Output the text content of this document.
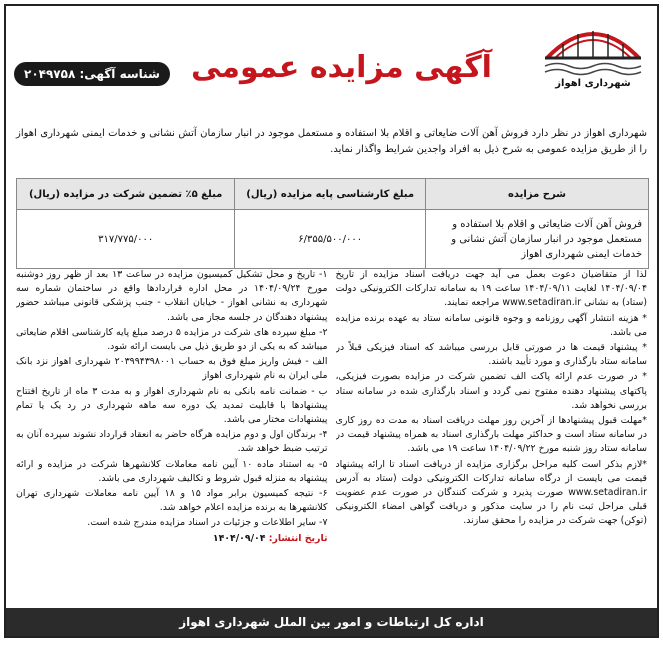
شهرداری اهواز
آگهی مزایده عمومی
شناسه آگهی: ۲۰۴۹۷۵۸
شهرداری اهواز در نظر دارد فروش آهن آلات ضایعاتی و اقلام بلا استفاده و مستعمل موجود در انبار سازمان آتش نشانی و خدمات ایمنی شهرداری اهواز را از طریق مزایده عمومی به شرح ذیل به افراد واجدین شرایط واگذار نماید.
شرح مزایده	مبلغ کارشناسی پایه مزایده (ریال)	مبلغ ۵٪ تضمین شرکت در مزایده (ریال)
فروش آهن آلات ضایعاتی و اقلام بلا استفاده و مستعمل موجود در انبار سازمان آتش نشانی و خدمات ایمنی شهرداری اهواز	۶/۳۵۵/۵۰۰/۰۰۰	۳۱۷/۷۷۵/۰۰۰

لذا از متقاضیان دعوت بعمل می آید جهت دریافت اسناد مزایده از تاریخ ۱۴۰۴/۰۹/۰۴ لغایت ۱۴۰۴/۰۹/۱۱ ساعت ۱۹ به سامانه تدارکات الکترونیکی دولت (ستاد) به نشانی www.setadiran.ir مراجعه نمایند.

* هزینه انتشار آگهی روزنامه و وجوه قانونی سامانه ستاد به عهده برنده مزایده می باشد.

* پیشنهاد قیمت ها در صورتی قابل بررسی میباشد که اسناد فیزیکی قبلاً در سامانه ستاد بارگذاری و مورد تأیید باشند.

* در صورت عدم ارائه پاکت الف تضمین شرکت در مزایده بصورت فیزیکی، پاکتهای پیشنهاد دهنده مفتوح نمی گردد و اسناد بارگذاری شده در سامانه ستاد بررسی نخواهد شد.

*مهلت قبول پیشنهادها از آخرین روز مهلت دریافت اسناد به مدت ده روز کاری در سامانه ستاد است و حداکثر مهلت بارگذاری اسناد به همراه پیشنهاد قیمت در سامانه ستاد روز شنبه مورخ ۱۴۰۴/۰۹/۲۲ ساعت ۱۹ می باشد.

*لازم بذکر است کلیه مراحل برگزاری مزایده از دریافت اسناد تا ارائه پیشنهاد قیمت می بایست از درگاه سامانه تدارکات الکترونیکی دولت (ستاد به آدرس www.setadiran.ir صورت پذیرد و شرکت کنندگان در صورت عدم عضویت قبلی مراحل ثبت نام را در سایت مذکور و دریافت گواهی امضاء الکترونیکی (توکن) جهت شرکت در مزایده را محقق سازند.

۱- تاریخ و محل تشکیل کمیسیون مزایده در ساعت ۱۳ بعد از ظهر روز دوشنبه مورخ ۱۴۰۴/۰۹/۲۴ در محل اداره قراردادها واقع در ساختمان شماره سه شهرداری به نشانی اهواز - خیابان انقلاب - جنب پزشکی قانونی میباشد حضور پیشنهاد دهندگان در جلسه مجاز می باشد.

۲- مبلغ سپرده های شرکت در مزایده ۵ درصد مبلغ پایه کارشناسی اقلام ضایعاتی میباشد که به یکی از دو طریق ذیل می بایست ارائه شود.

الف - فیش واریز مبلغ فوق به حساب ۲۰۳۹۹۴۳۹۸۰۰۱ شهرداری اهواز نزد بانک ملی ایران به نام شهرداری اهواز

ب - ضمانت نامه بانکی به نام شهرداری اهواز و به مدت ۳ ماه از تاریخ افتتاح پیشنهادها با قابلیت تمدید یک دوره سه ماهه شهرداری در رد یک یا تمام پیشنهادات مختار می باشد.

۴- برندگان اول و دوم مزایده هرگاه حاضر به انعقاد قرارداد نشوند سپرده آنان به ترتیب ضبط خواهد شد.

۵- به استناد ماده ۱۰ آیین نامه معاملات کلانشهرها شرکت در مزایده و ارائه پیشنهاد به منزله قبول شروط و تکالیف شهرداری می باشد.

۶- نتیجه کمیسیون برابر مواد ۱۵ و ۱۸ آیین نامه معاملات شهرداری تهران کلانشهرها به برنده مزایده اعلام خواهد شد.

۷- سایر اطلاعات و جزئیات در اسناد مزایده مندرج شده است.

تاریخ انتشار: ۱۴۰۴/۰۹/۰۴

اداره کل ارتباطات و امور بین الملل شهرداری اهواز
